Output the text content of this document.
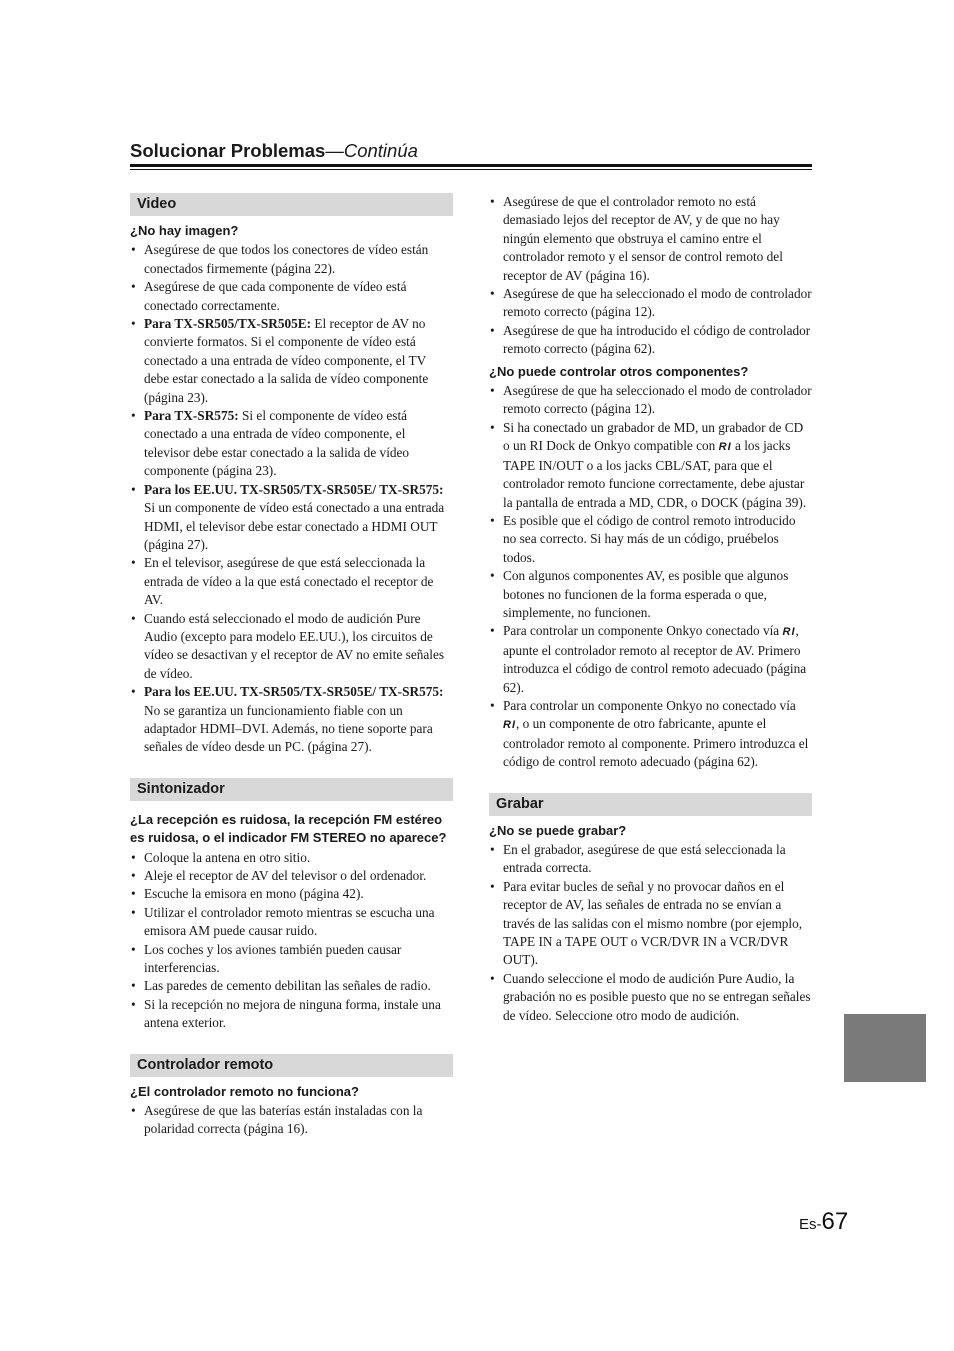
Solucionar Problemas—Continúa
Video
¿No hay imagen?
• Asegúrese de que todos los conectores de vídeo están conectados firmemente (página 22).
• Asegúrese de que cada componente de vídeo está conectado correctamente.
• Para TX-SR505/TX-SR505E: El receptor de AV no convierte formatos. Si el componente de vídeo está conectado a una entrada de vídeo componente, el TV debe estar conectado a la salida de vídeo componente (página 23).
• Para TX-SR575: Si el componente de vídeo está conectado a una entrada de vídeo componente, el televisor debe estar conectado a la salida de vídeo componente (página 23).
• Para los EE.UU. TX-SR505/TX-SR505E/ TX-SR575: Si un componente de vídeo está conectado a una entrada HDMI, el televisor debe estar conectado a HDMI OUT (página 27).
• En el televisor, asegúrese de que está seleccionada la entrada de vídeo a la que está conectado el receptor de AV.
• Cuando está seleccionado el modo de audición Pure Audio (excepto para modelo EE.UU.), los circuitos de vídeo se desactivan y el receptor de AV no emite señales de vídeo.
• Para los EE.UU. TX-SR505/TX-SR505E/ TX-SR575: No se garantiza un funcionamiento fiable con un adaptador HDMI–DVI. Además, no tiene soporte para señales de vídeo desde un PC. (página 27).
Sintonizador
¿La recepción es ruidosa, la recepción FM estéreo es ruidosa, o el indicador FM STEREO no aparece?
• Coloque la antena en otro sitio.
• Aleje el receptor de AV del televisor o del ordenador.
• Escuche la emisora en mono (página 42).
• Utilizar el controlador remoto mientras se escucha una emisora AM puede causar ruido.
• Los coches y los aviones también pueden causar interferencias.
• Las paredes de cemento debilitan las señales de radio.
• Si la recepción no mejora de ninguna forma, instale una antena exterior.
Controlador remoto
¿El controlador remoto no funciona?
• Asegúrese de que las baterías están instaladas con la polaridad correcta (página 16).
• Asegúrese de que el controlador remoto no está demasiado lejos del receptor de AV, y de que no hay ningún elemento que obstruya el camino entre el controlador remoto y el sensor de control remoto del receptor de AV (página 16).
• Asegúrese de que ha seleccionado el modo de controlador remoto correcto (página 12).
• Asegúrese de que ha introducido el código de controlador remoto correcto (página 62).
¿No puede controlar otros componentes?
• Asegúrese de que ha seleccionado el modo de controlador remoto correcto (página 12).
• Si ha conectado un grabador de MD, un grabador de CD o un RI Dock de Onkyo compatible con RI a los jacks TAPE IN/OUT o a los jacks CBL/SAT, para que el controlador remoto funcione correctamente, debe ajustar la pantalla de entrada a MD, CDR, o DOCK (página 39).
• Es posible que el código de control remoto introducido no sea correcto. Si hay más de un código, pruébelos todos.
• Con algunos componentes AV, es posible que algunos botones no funcionen de la forma esperada o que, simplemente, no funcionen.
• Para controlar un componente Onkyo conectado vía RI, apunte el controlador remoto al receptor de AV. Primero introduzca el código de control remoto adecuado (página 62).
• Para controlar un componente Onkyo no conectado vía RI, o un componente de otro fabricante, apunte el controlador remoto al componente. Primero introduzca el código de control remoto adecuado (página 62).
Grabar
¿No se puede grabar?
• En el grabador, asegúrese de que está seleccionada la entrada correcta.
• Para evitar bucles de señal y no provocar daños en el receptor de AV, las señales de entrada no se envían a través de las salidas con el mismo nombre (por ejemplo, TAPE IN a TAPE OUT o VCR/DVR IN a VCR/DVR OUT).
• Cuando seleccione el modo de audición Pure Audio, la grabación no es posible puesto que no se entregan señales de vídeo. Seleccione otro modo de audición.
Es-67
